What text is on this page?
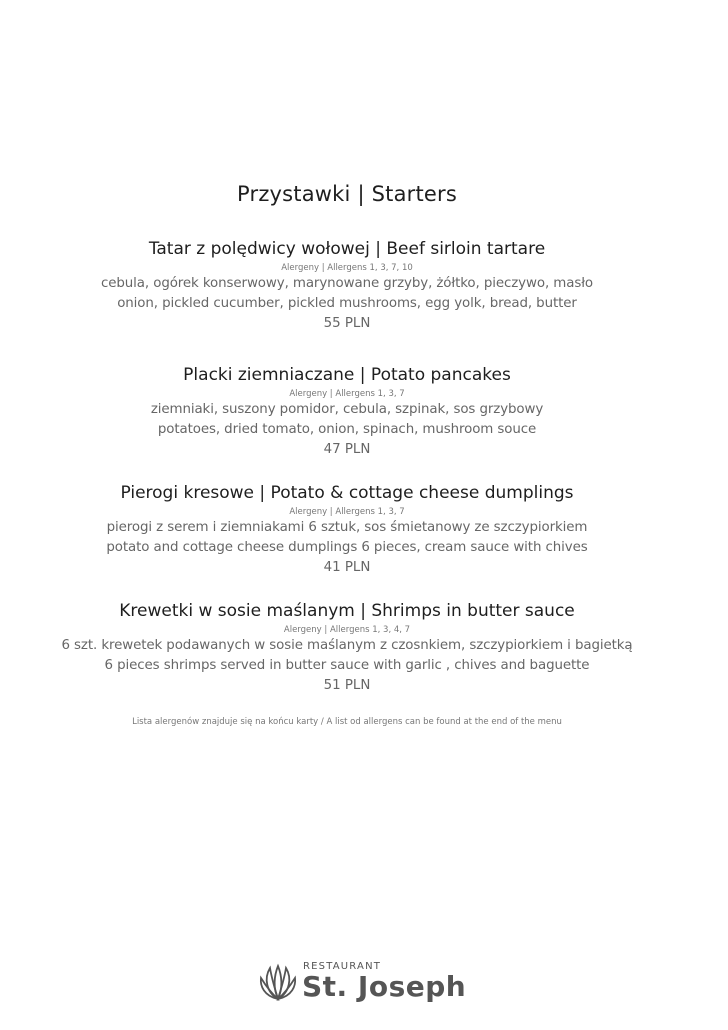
Przystawki | Starters
Tatar z polędwicy wołowej | Beef sirloin tartare
Alergeny | Allergens 1, 3, 7, 10
cebula, ogórek konserwowy, marynowane grzyby, żółtko, pieczywo, masło
onion, pickled cucumber, pickled mushrooms, egg yolk, bread, butter
55 PLN
Placki ziemniaczane | Potato pancakes
Alergeny | Allergens 1, 3, 7
ziemniaki, suszony pomidor, cebula, szpinak, sos grzybowy
potatoes, dried tomato, onion, spinach, mushroom souce
47 PLN
Pierogi kresowe | Potato & cottage cheese dumplings
Alergeny | Allergens 1, 3, 7
pierogi z serem i ziemniakami 6 sztuk, sos śmietanowy ze szczypiorkiem
potato and cottage cheese dumplings 6 pieces, cream sauce with chives
41 PLN
Krewetki w sosie maślanym | Shrimps in butter sauce
Alergeny | Allergens 1, 3, 4, 7
6 szt. krewetek podawanych w sosie maślanym z czosnkiem, szczypiorkiem i bagietką
6 pieces shrimps served in butter sauce with garlic , chives and baguette
51 PLN
Lista alergenów znajduje się na końcu karty / A list od allergens can be found at the end of the menu
RESTAURANT
St. Joseph
